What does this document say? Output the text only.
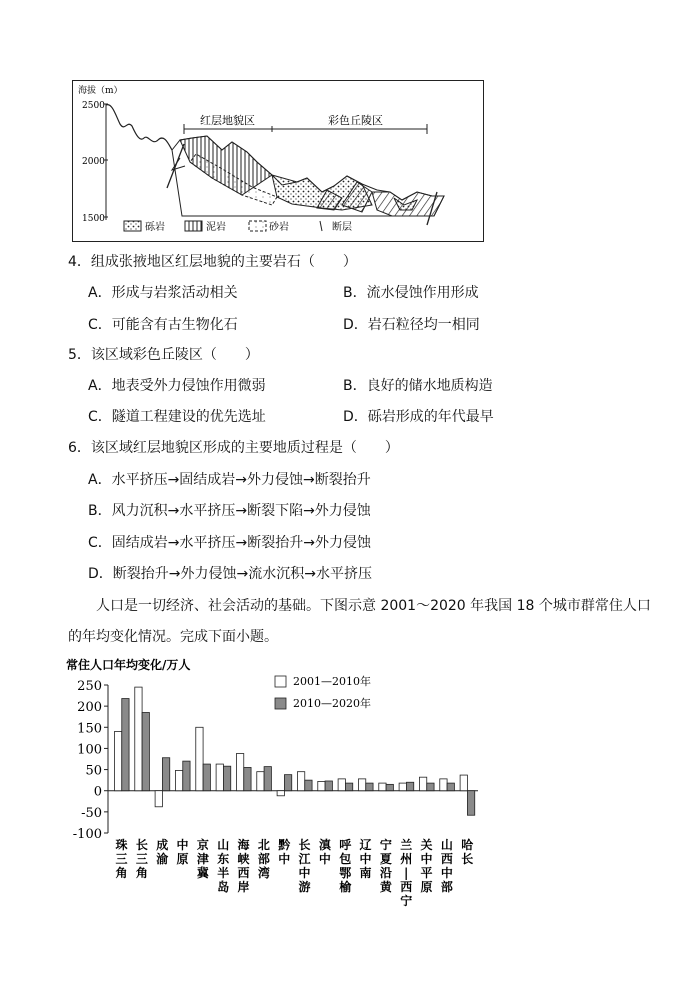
海拔（m）
2500
2000
1500
红层地貌区	彩色丘陵区
砾岩	泥岩	砂岩	断层
4．组成张掖地区红层地貌的主要岩石（　　）
A．形成与岩浆活动相关	B．流水侵蚀作用形成
C．可能含有古生物化石	D．岩石粒径均一相同
5．该区域彩色丘陵区（　　）
A．地表受外力侵蚀作用微弱	B．良好的储水地质构造
C．隧道工程建设的优先选址	D．砾岩形成的年代最早
6．该区域红层地貌区形成的主要地质过程是（　　）
A．水平挤压→固结成岩→外力侵蚀→断裂抬升
B．风力沉积→水平挤压→断裂下陷→外力侵蚀
C．固结成岩→水平挤压→断裂抬升→外力侵蚀
D．断裂抬升→外力侵蚀→流水沉积→水平挤压
人口是一切经济、社会活动的基础。下图示意 2001～2020 年我国 18 个城市群常住人口
的年均变化情况。完成下面小题。
常住人口年均变化/万人
-100
-50
0
50
100
150
200
250
珠三角
长三角
成渝
中原
京津冀
山东半岛
海峡西岸
北部湾
黔中
长江中游
滇中
呼包鄂榆
辽中南
宁夏沿黄
兰州|西宁
关中平原
山西中部
哈长
2001—2010年
2010—2020年
